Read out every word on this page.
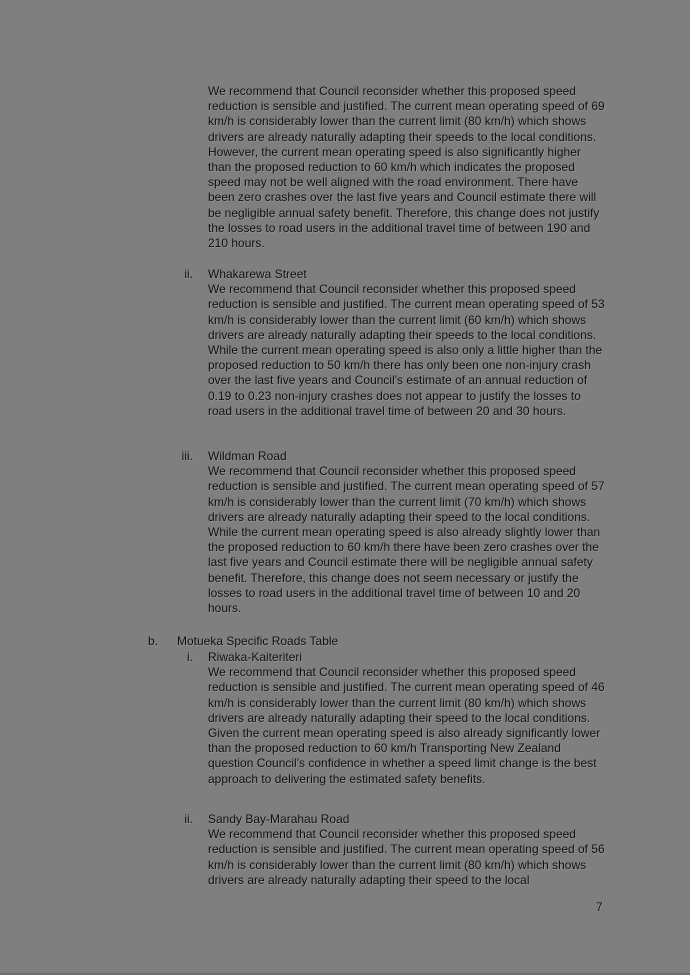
We recommend that Council reconsider whether this proposed speed reduction is sensible and justified. The current mean operating speed of 69 km/h is considerably lower than the current limit (80 km/h) which shows drivers are already naturally adapting their speeds to the local conditions. However, the current mean operating speed is also significantly higher than the proposed reduction to 60 km/h which indicates the proposed speed may not be well aligned with the road environment. There have been zero crashes over the last five years and Council estimate there will be negligible annual safety benefit. Therefore, this change does not justify the losses to road users in the additional travel time of between 190 and 210 hours.
ii.	Whakarewa Street
We recommend that Council reconsider whether this proposed speed reduction is sensible and justified. The current mean operating speed of 53 km/h is considerably lower than the current limit (60 km/h) which shows drivers are already naturally adapting their speeds to the local conditions. While the current mean operating speed is also only a little higher than the proposed reduction to 50 km/h there has only been one non-injury crash over the last five years and Council's estimate of an annual reduction of 0.19 to 0.23 non-injury crashes does not appear to justify the losses to road users in the additional travel time of between 20 and 30 hours.
iii.	Wildman Road
We recommend that Council reconsider whether this proposed speed reduction is sensible and justified. The current mean operating speed of 57 km/h is considerably lower than the current limit (70 km/h) which shows drivers are already naturally adapting their speed to the local conditions. While the current mean operating speed is also already slightly lower than the proposed reduction to 60 km/h there have been zero crashes over the last five years and Council estimate there will be negligible annual safety benefit. Therefore, this change does not seem necessary or justify the losses to road users in the additional travel time of between 10 and 20 hours.
b.	Motueka Specific Roads Table
i.	Riwaka-Kaiteriteri
We recommend that Council reconsider whether this proposed speed reduction is sensible and justified. The current mean operating speed of 46 km/h is considerably lower than the current limit (80 km/h) which shows drivers are already naturally adapting their speed to the local conditions. Given the current mean operating speed is also already significantly lower than the proposed reduction to 60 km/h Transporting New Zealand question Council's confidence in whether a speed limit change is the best approach to delivering the estimated safety benefits.
ii.	Sandy Bay-Marahau Road
We recommend that Council reconsider whether this proposed speed reduction is sensible and justified. The current mean operating speed of 56 km/h is considerably lower than the current limit (80 km/h) which shows drivers are already naturally adapting their speed to the local
7
